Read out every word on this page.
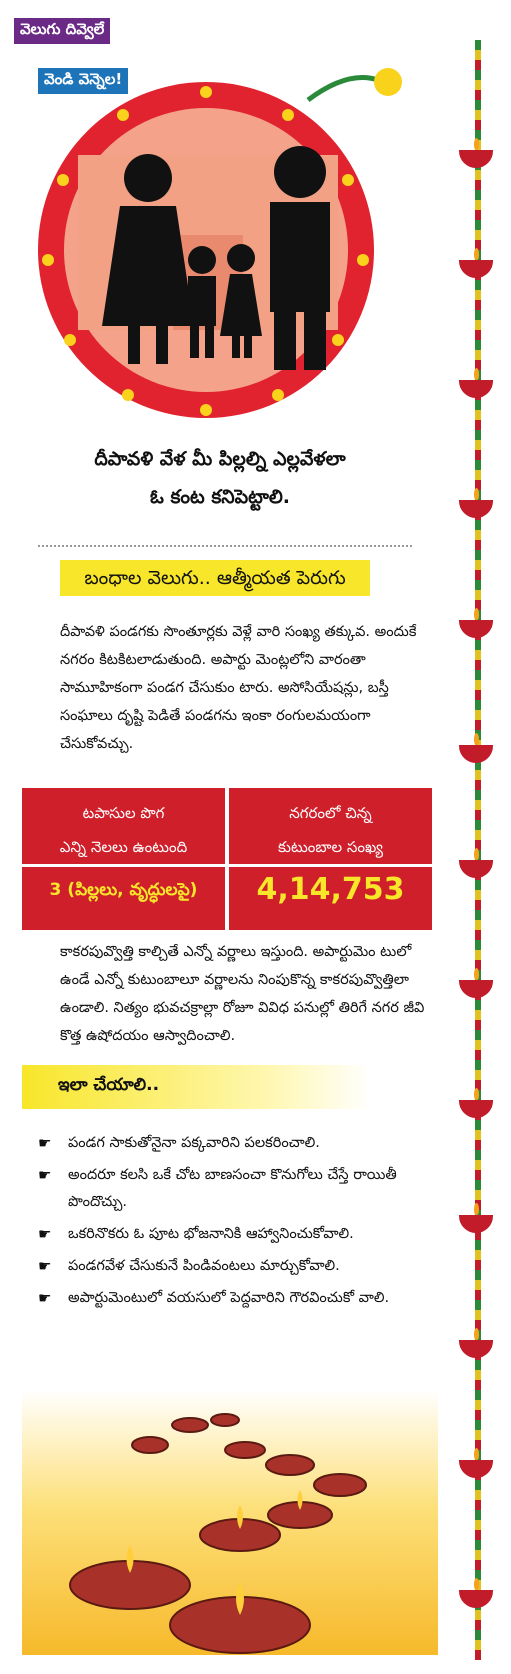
వెలుగు దివ్వెలే
వెండి వెన్నెల!
దీపావళి వేళ మీ పిల్లల్ని ఎల్లవేళలా
ఓ కంట కనిపెట్టాలి.
బంధాల వెలుగు.. ఆత్మీయత పెరుగు
దీపావళి పండగకు సొంతూర్లకు వెళ్లే వారి సంఖ్య తక్కువ. అందుకే నగరం కిటకిటలాడుతుంది. అపార్టు మెంట్లలోని వారంతా సామూహికంగా పండగ చేసుకుం టారు. అసోసియేషన్లు, బస్తీ సంఘాలు దృష్టి పెడితే పండగను ఇంకా రంగులమయంగా చేసుకోవచ్చు.
టపాసుల పొగ
ఎన్ని నెలలు ఉంటుంది
నగరంలో చిన్న
కుటుంబాల సంఖ్య
3 (పిల్లలు, వృద్ధులపై)	4,14,753
కాకరపువ్వొత్తి కాల్చితే ఎన్నో వర్ణాలు ఇస్తుంది. అపార్టుమెం టులో ఉండే ఎన్నో కుటుంబాలూ వర్ణాలను నింపుకొన్న కాకరపువ్వొత్తిలా ఉండాలి. నిత్యం భువచక్రాల్లా రోజూ వివిధ పనుల్లో తిరిగే నగర జీవి కొత్త ఉషోదయం ఆస్వాదించాలి.
ఇలా చేయాలి..
☛ పండగ సాకుతోనైనా పక్కవారిని పలకరించాలి.
☛ అందరూ కలసి ఒకే చోట బాణసంచా కొనుగోలు చేస్తే రాయితీ పొందొచ్చు.
☛ ఒకరినొకరు ఓ పూట భోజనానికి ఆహ్వానించుకోవాలి.
☛ పండగవేళ చేసుకునే పిండివంటలు మార్చుకోవాలి.
☛ అపార్టుమెంటులో వయసులో పెద్దవారిని గౌరవించుకో వాలి.
